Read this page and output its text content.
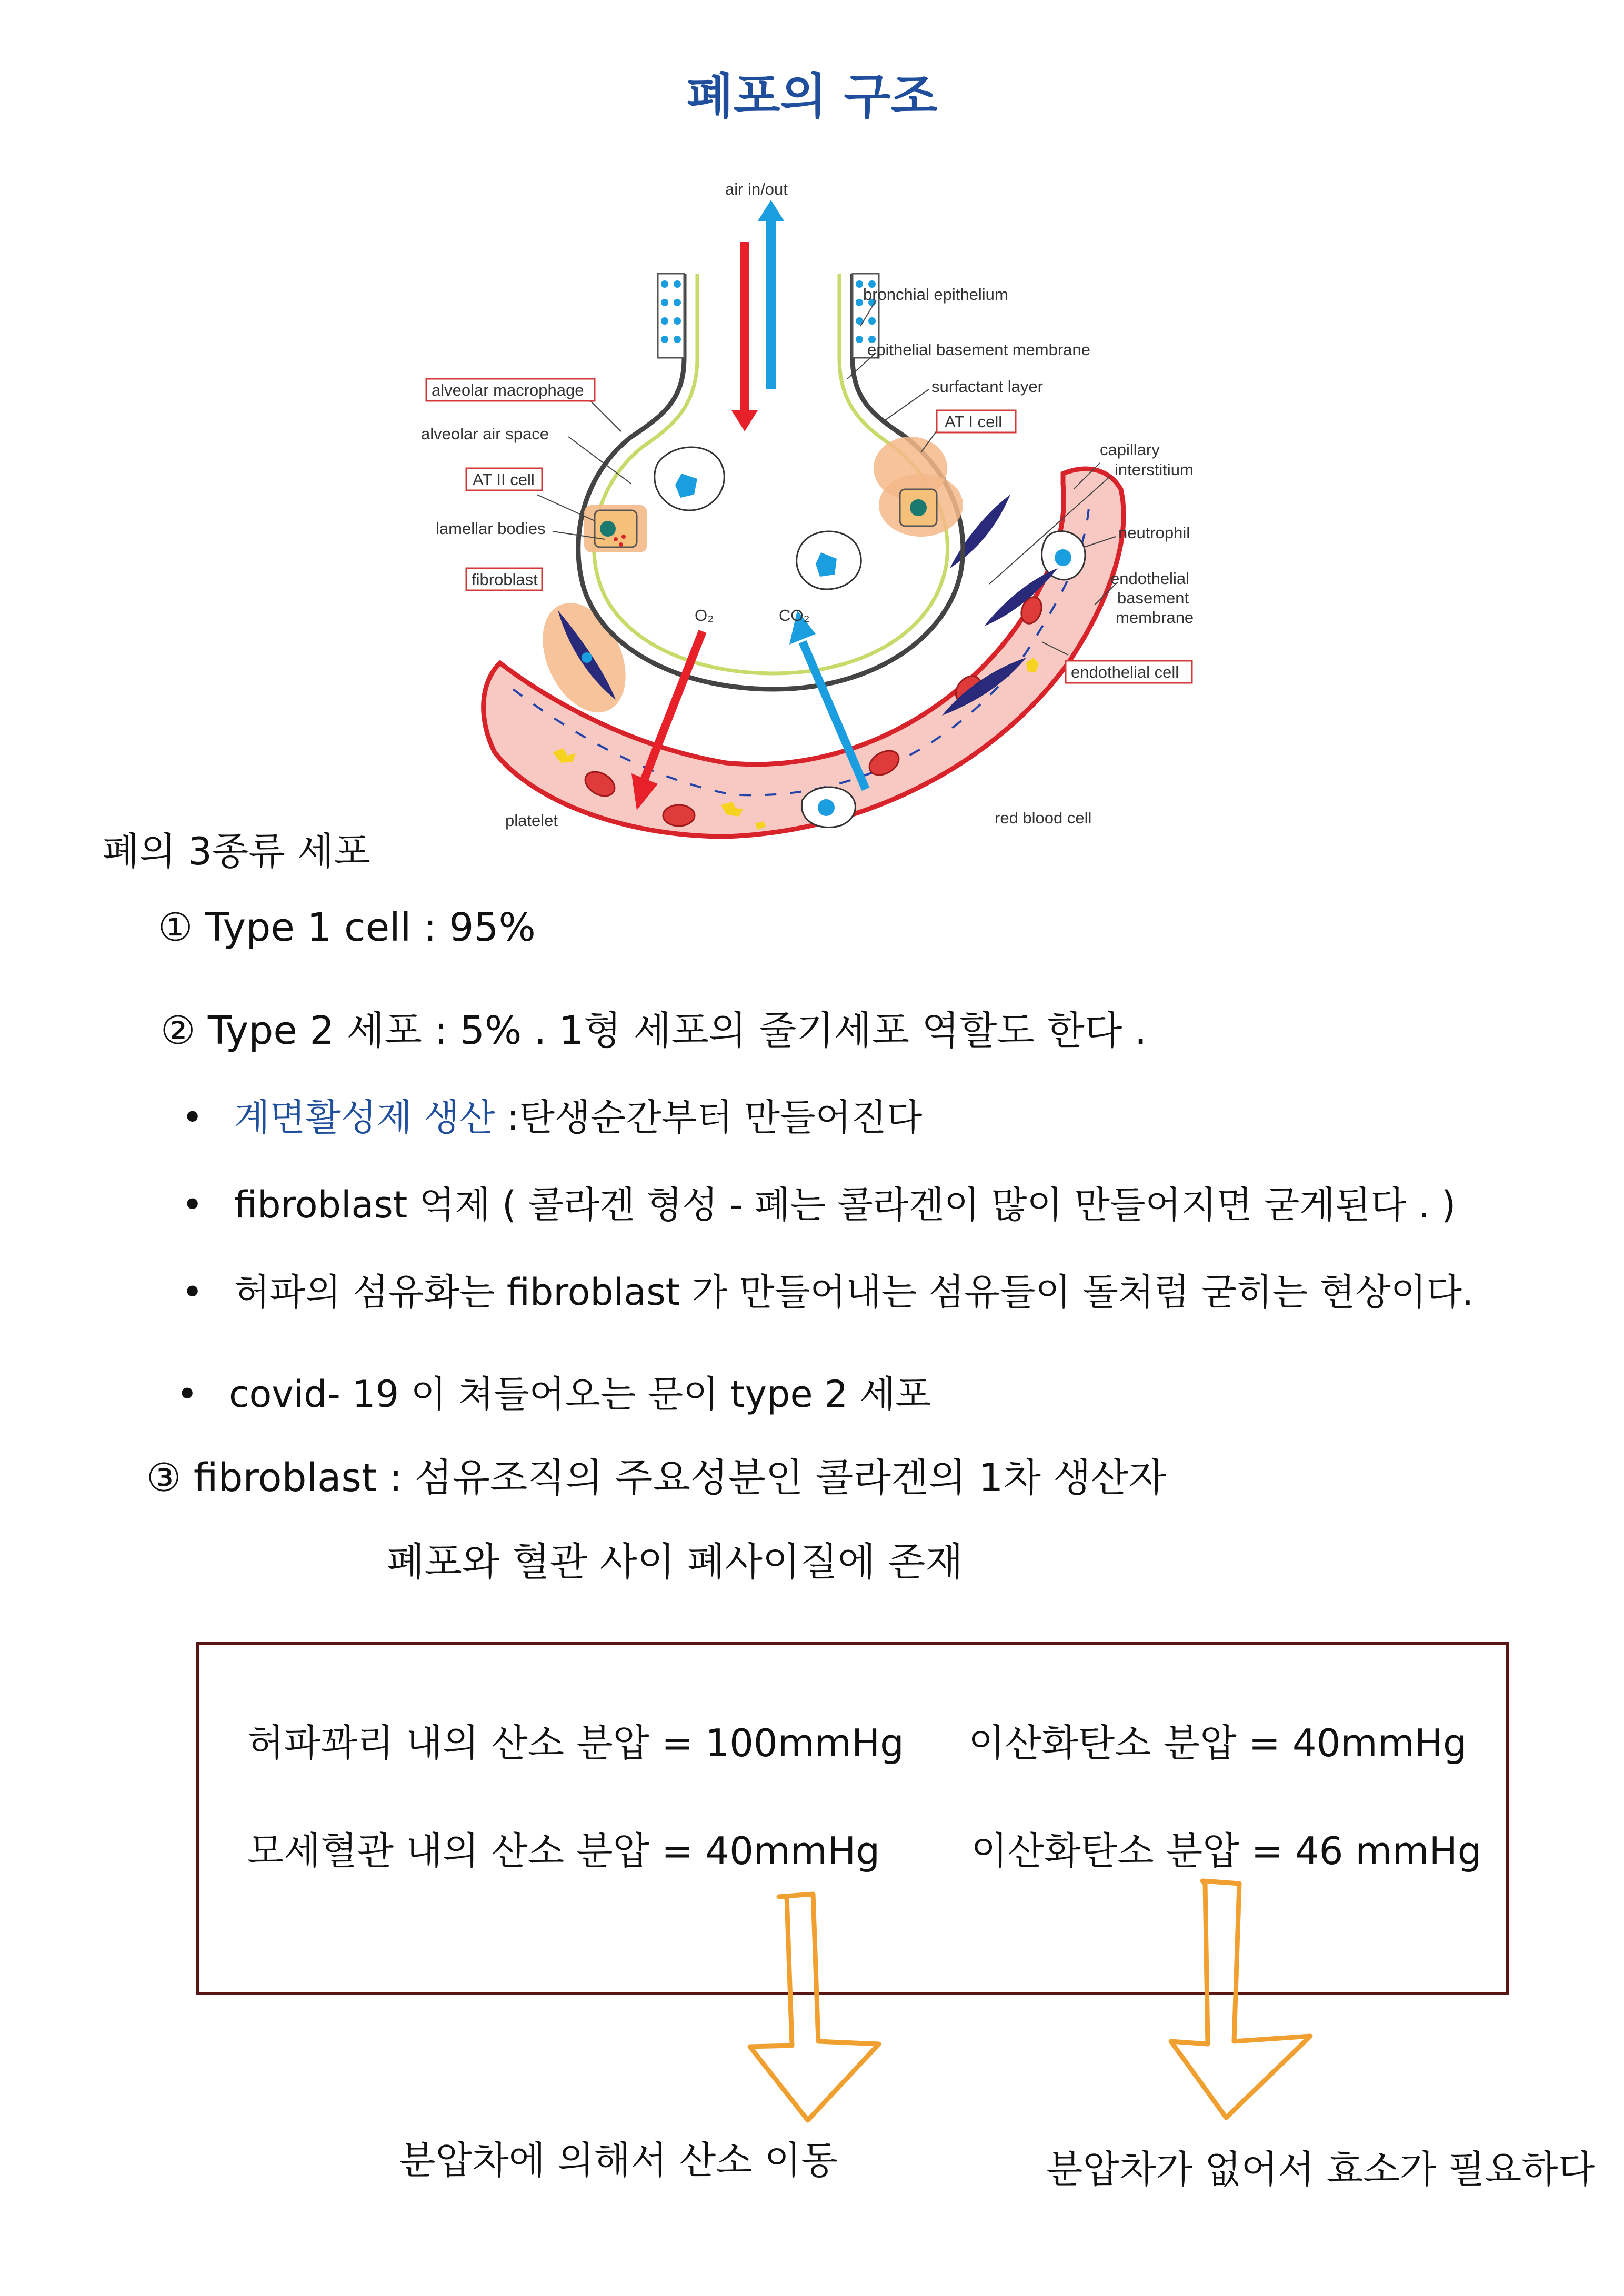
폐포의 구조
air in/out
bronchial epithelium
epithelial basement membrane
surfactant layer
AT I cell
alveolar macrophage
alveolar air space
AT II cell
lamellar bodies
fibroblast
capillary
interstitium
neutrophil
endothelial
basement
membrane
endothelial cell
O₂	CO₂
platelet	red blood cell
폐의 3종류 세포
① Type 1 cell : 95%
② Type 2 세포 : 5% . 1형 세포의 줄기세포 역할도 한다 .
• 계면활성제 생산 :탄생순간부터 만들어진다
• fibroblast 억제 ( 콜라겐 형성 - 폐는 콜라겐이 많이 만들어지면 굳게된다 . )
• 허파의 섬유화는 fibroblast 가 만들어내는 섬유들이 돌처럼 굳히는 현상이다.
• covid- 19 이 쳐들어오는 문이 type 2 세포
③ fibroblast : 섬유조직의 주요성분인 콜라겐의 1차 생산자
폐포와 혈관 사이 폐사이질에 존재
허파꽈리 내의 산소 분압 = 100mmHg 이산화탄소 분압 = 40mmHg
모세혈관 내의 산소 분압 = 40mmHg 이산화탄소 분압 = 46 mmHg
분압차에 의해서 산소 이동	분압차가 없어서 효소가 필요하다
